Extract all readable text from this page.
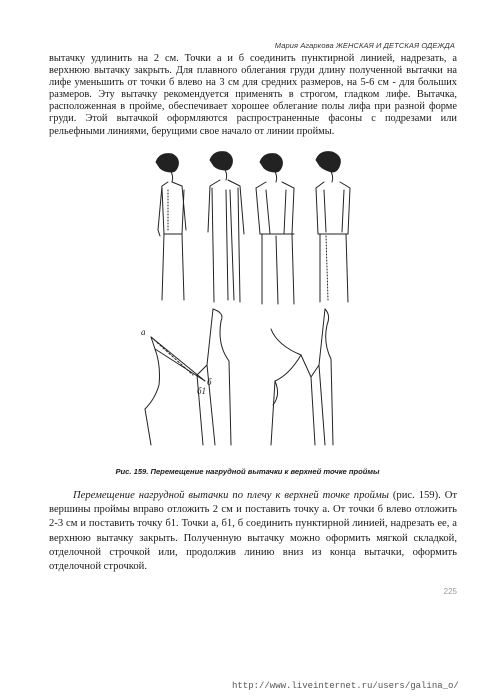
Мария Агаркова ЖЕНСКАЯ И ДЕТСКАЯ ОДЕЖДА
вытачку удлинить на 2 см. Точки а и б соединить пунктирной линией, надрезать, а
верхнюю вытачку закрыть. Для плавного облегания груди длину полученной вытачки на
лифе уменьшить от точки б влево на 3 см для средних размеров, на 5-6 см - для больших
размеров. Эту вытачку рекомендуется применять в строгом, гладком лифе. Вытачка,
расположенная в пройме, обеспечивает хорошее облегание полы лифа при разной форме
груди. Этой вытачкой оформляются распространенные фасоны с подрезами или
рельефными линиями, берущими свое начало от линии проймы.
а
б1
б
Рис. 159. Перемещение нагрудной вытачки к верхней точке проймы
Перемещение нагрудной вытачки по плечу к верхней точке проймы (рис. 159). От
вершины проймы вправо отложить 2 см и поставить точку а. От точки б влево отложить
2-3 см и поставить точку б1. Точки а, б1, б соединить пунктирной линией, надрезать ее, а
верхнюю вытачку закрыть. Полученную вытачку можно оформить мягкой складкой,
отделочной строчкой или, продолжив линию вниз из конца вытачки, оформить
отделочной строчкой.
225
http://www.liveinternet.ru/users/galina_o/
